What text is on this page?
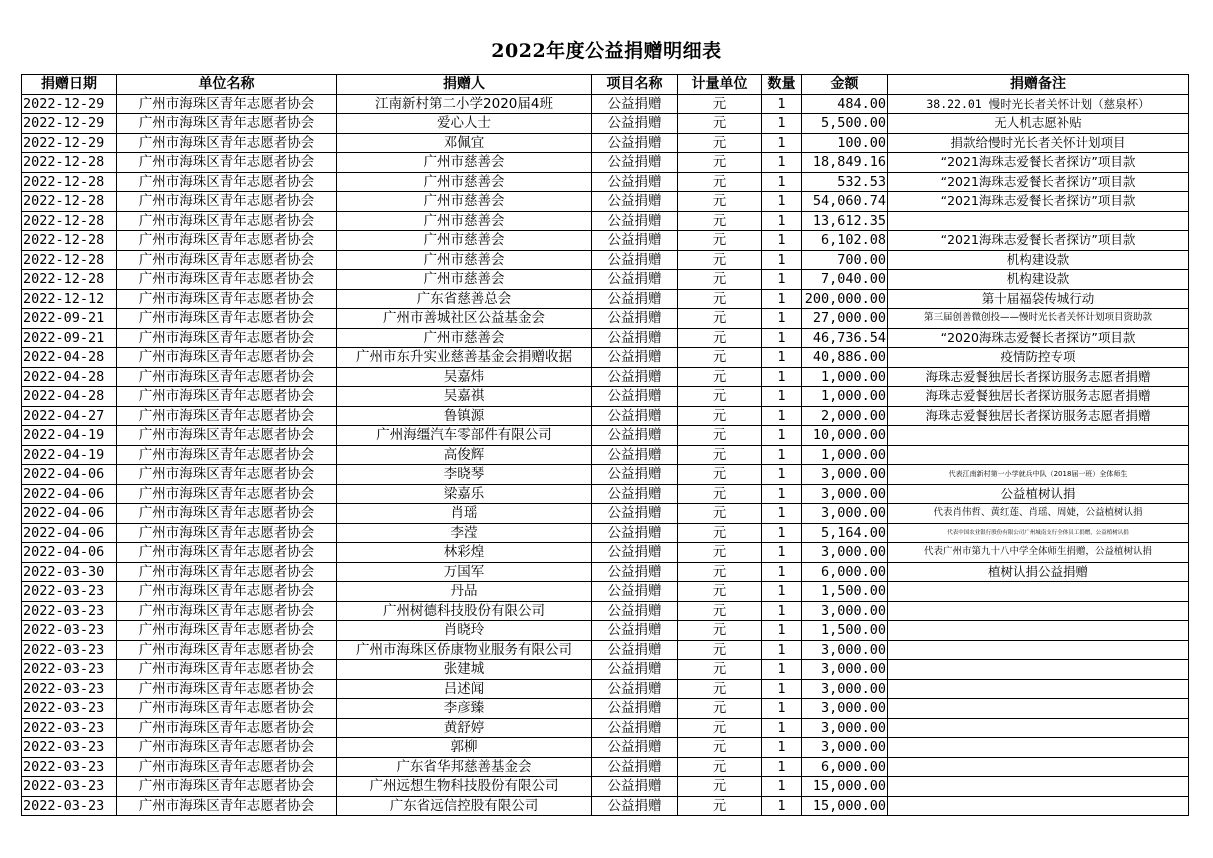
2022年度公益捐赠明细表
捐赠日期	单位名称	捐赠人	项目名称	计量单位	数量	金额	捐赠备注
2022-12-29	广州市海珠区青年志愿者协会	江南新村第二小学2020届4班	公益捐赠	元	1	484.00	38.22.01 慢时光长者关怀计划（慈泉杯）
2022-12-29	广州市海珠区青年志愿者协会	爱心人士	公益捐赠	元	1	5,500.00	无人机志愿补贴
2022-12-29	广州市海珠区青年志愿者协会	邓佩宜	公益捐赠	元	1	100.00	捐款给慢时光长者关怀计划项目
2022-12-28	广州市海珠区青年志愿者协会	广州市慈善会	公益捐赠	元	1	18,849.16	“2021海珠志爱餐长者探访”项目款
2022-12-28	广州市海珠区青年志愿者协会	广州市慈善会	公益捐赠	元	1	532.53	“2021海珠志爱餐长者探访”项目款
2022-12-28	广州市海珠区青年志愿者协会	广州市慈善会	公益捐赠	元	1	54,060.74	“2021海珠志爱餐长者探访”项目款
2022-12-28	广州市海珠区青年志愿者协会	广州市慈善会	公益捐赠	元	1	13,612.35	
2022-12-28	广州市海珠区青年志愿者协会	广州市慈善会	公益捐赠	元	1	6,102.08	“2021海珠志爱餐长者探访”项目款
2022-12-28	广州市海珠区青年志愿者协会	广州市慈善会	公益捐赠	元	1	700.00	机构建设款
2022-12-28	广州市海珠区青年志愿者协会	广州市慈善会	公益捐赠	元	1	7,040.00	机构建设款
2022-12-12	广州市海珠区青年志愿者协会	广东省慈善总会	公益捐赠	元	1	200,000.00	第十届福袋传城行动
2022-09-21	广州市海珠区青年志愿者协会	广州市善城社区公益基金会	公益捐赠	元	1	27,000.00	第三届创善微创投——慢时光长者关怀计划项目资助款
2022-09-21	广州市海珠区青年志愿者协会	广州市慈善会	公益捐赠	元	1	46,736.54	“2020海珠志爱餐长者探访”项目款
2022-04-28	广州市海珠区青年志愿者协会	广州市东升实业慈善基金会捐赠收据	公益捐赠	元	1	40,886.00	疫情防控专项
2022-04-28	广州市海珠区青年志愿者协会	吴嘉炜	公益捐赠	元	1	1,000.00	海珠志爱餐独居长者探访服务志愿者捐赠
2022-04-28	广州市海珠区青年志愿者协会	吴嘉祺	公益捐赠	元	1	1,000.00	海珠志爱餐独居长者探访服务志愿者捐赠
2022-04-27	广州市海珠区青年志愿者协会	鲁镇源	公益捐赠	元	1	2,000.00	海珠志爱餐独居长者探访服务志愿者捐赠
2022-04-19	广州市海珠区青年志愿者协会	广州海缰汽车零部件有限公司	公益捐赠	元	1	10,000.00	
2022-04-19	广州市海珠区青年志愿者协会	高俊辉	公益捐赠	元	1	1,000.00	
2022-04-06	广州市海珠区青年志愿者协会	李晓琴	公益捐赠	元	1	3,000.00	代表江南新村第一小学就兵中队（2018届一班）全体师生
2022-04-06	广州市海珠区青年志愿者协会	梁嘉乐	公益捐赠	元	1	3,000.00	公益植树认捐
2022-04-06	广州市海珠区青年志愿者协会	肖瑶	公益捐赠	元	1	3,000.00	代表肖伟哲、黄红莲、肖瑶、周婕，公益植树认捐
2022-04-06	广州市海珠区青年志愿者协会	李滢	公益捐赠	元	1	5,164.00	代表中国农业银行股份有限公司广州城南支行全体员工捐赠，公益植树认捐
2022-04-06	广州市海珠区青年志愿者协会	林彩煌	公益捐赠	元	1	3,000.00	代表广州市第九十八中学全体师生捐赠，公益植树认捐
2022-03-30	广州市海珠区青年志愿者协会	万国军	公益捐赠	元	1	6,000.00	植树认捐公益捐赠
2022-03-23	广州市海珠区青年志愿者协会	丹品	公益捐赠	元	1	1,500.00	
2022-03-23	广州市海珠区青年志愿者协会	广州树德科技股份有限公司	公益捐赠	元	1	3,000.00	
2022-03-23	广州市海珠区青年志愿者协会	肖晓玲	公益捐赠	元	1	1,500.00	
2022-03-23	广州市海珠区青年志愿者协会	广州市海珠区侨康物业服务有限公司	公益捐赠	元	1	3,000.00	
2022-03-23	广州市海珠区青年志愿者协会	张建城	公益捐赠	元	1	3,000.00	
2022-03-23	广州市海珠区青年志愿者协会	吕述闻	公益捐赠	元	1	3,000.00	
2022-03-23	广州市海珠区青年志愿者协会	李彦臻	公益捐赠	元	1	3,000.00	
2022-03-23	广州市海珠区青年志愿者协会	黄舒婷	公益捐赠	元	1	3,000.00	
2022-03-23	广州市海珠区青年志愿者协会	郭柳	公益捐赠	元	1	3,000.00	
2022-03-23	广州市海珠区青年志愿者协会	广东省华邦慈善基金会	公益捐赠	元	1	6,000.00	
2022-03-23	广州市海珠区青年志愿者协会	广州远想生物科技股份有限公司	公益捐赠	元	1	15,000.00	
2022-03-23	广州市海珠区青年志愿者协会	广东省远信控股有限公司	公益捐赠	元	1	15,000.00	
